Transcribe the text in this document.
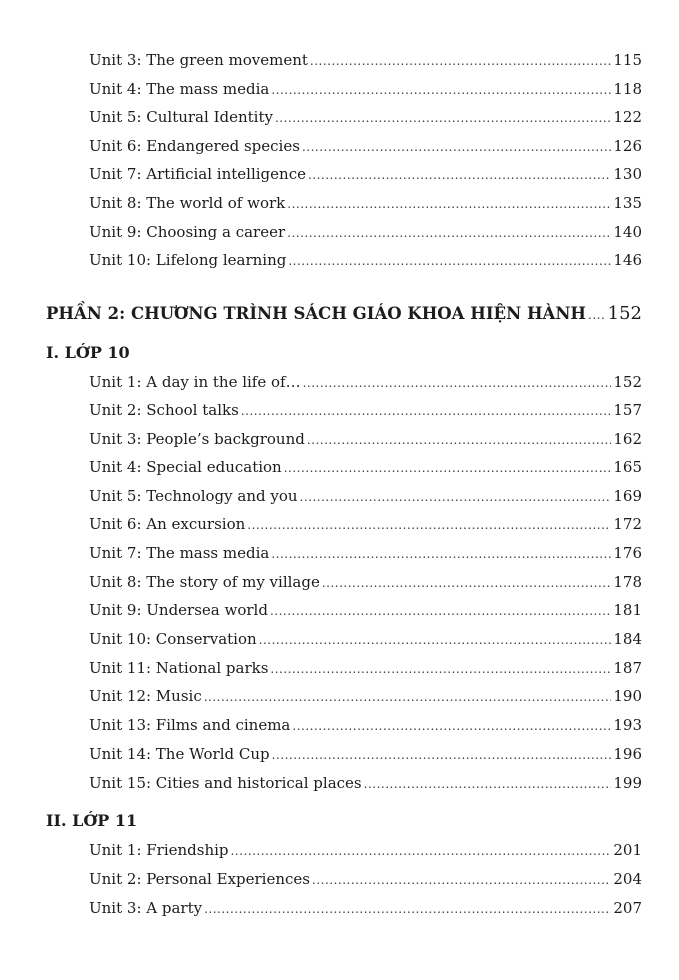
Unit 3: The green movement .....	115
Unit 4: The mass media .....	118
Unit 5: Cultural Identity .....	122
Unit 6: Endangered species .....	126
Unit 7: Artificial intelligence .....	130
Unit 8: The world of work .....	135
Unit 9: Choosing a career .....	140
Unit 10: Lifelong learning .....	146
PHẦN 2: CHƯƠNG TRÌNH SÁCH GIÁO KHOA HIỆN HÀNH ..... 152
I. LỚP 10
Unit 1: A day in the life of… .....	152
Unit 2: School talks .....	157
Unit 3: People’s background .....	162
Unit 4: Special education .....	165
Unit 5: Technology and you .....	169
Unit 6: An excursion .....	172
Unit 7: The mass media .....	176
Unit 8: The story of my village .....	178
Unit 9: Undersea world .....	181
Unit 10: Conservation .....	184
Unit 11: National parks .....	187
Unit 12: Music .....	190
Unit 13: Films and cinema .....	193
Unit 14: The World Cup .....	196
Unit 15: Cities and historical places .....	199
II. LỚP 11
Unit 1: Friendship .....	201
Unit 2: Personal Experiences .....	204
Unit 3: A party .....	207
